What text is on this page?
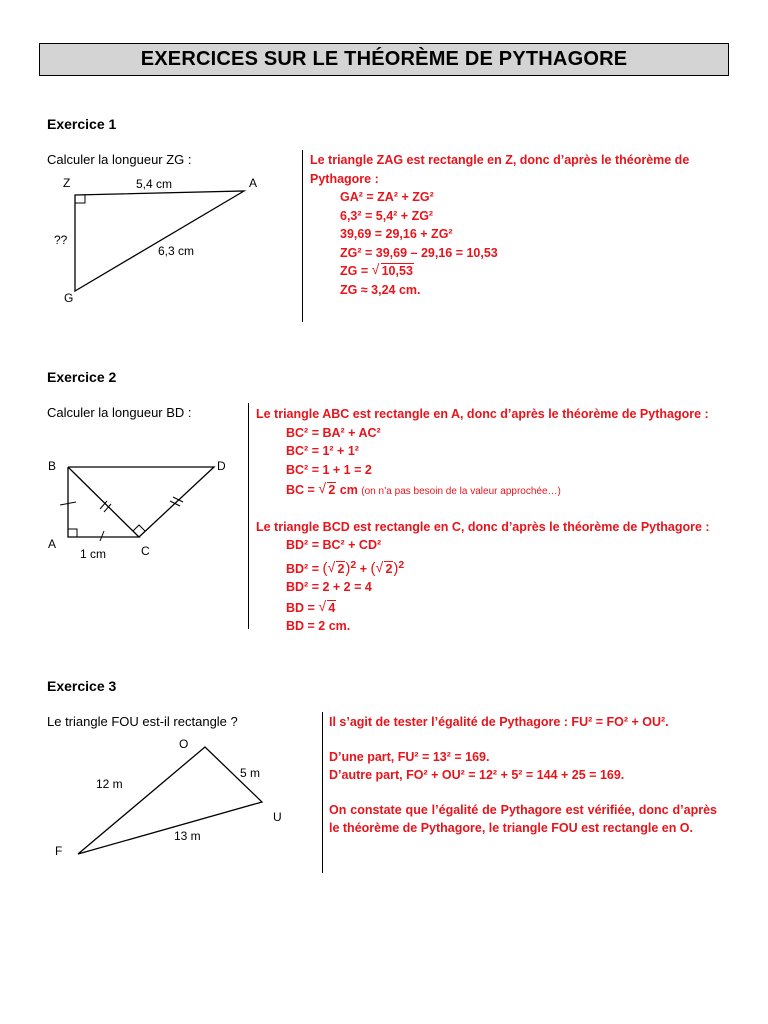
EXERCICES SUR LE THÉORÈME DE PYTHAGORE
Exercice 1
Calculer la longueur ZG :
Z	A
G
5,4 cm
6,3 cm
??
Le triangle ZAG est rectangle en Z, donc d’après le théorème de Pythagore :
GA² = ZA² + ZG²
6,3² = 5,4² + ZG²
39,69 = 29,16 + ZG²
ZG² = 39,69 – 29,16 = 10,53
ZG = √ 10,53
ZG ≈ 3,24 cm.
Exercice 2
Calculer la longueur BD :
B	D
A	C
1 cm
Le triangle ABC est rectangle en A, donc d’après le théorème de Pythagore :
BC² = BA² + AC²
BC² = 1² + 1²
BC² = 1 + 1 = 2
BC = √ 2 cm (on n’a pas besoin de la valeur approchée…)
Le triangle BCD est rectangle en C, donc d’après le théorème de Pythagore :
BD² = BC² + CD²
BD² = ( √ 2)$^2$ + ( √ 2)$^2$
BD² = 2 + 2 = 4
BD = √ 4
BD = 2 cm.
Exercice 3
Le triangle FOU est-il rectangle ?
O
F
U
12 m
5 m
13 m
Il s’agit de tester l’égalité de Pythagore : FU² = FO² + OU².
D’une part, FU² = 13² = 169.
D’autre part, FO² + OU² = 12² + 5² = 144 + 25 = 169.
On constate que l’égalité de Pythagore est vérifiée, donc d’après le théorème de Pythagore, le triangle FOU est rectangle en O.
